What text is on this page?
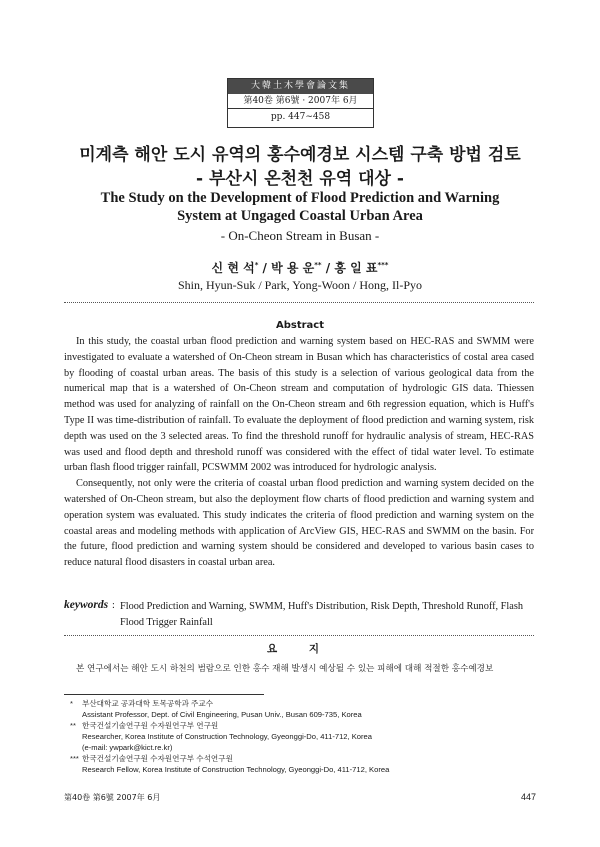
大韓土木學會論文集
第40卷 第6號 · 2007年 6月
pp. 447∼458
미계측 해안 도시 유역의 홍수예경보 시스템 구축 방법 검토
- 부산시 온천천 유역 대상 -
The Study on the Development of Flood Prediction and Warning
System at Ungaged Coastal Urban Area
- On-Cheon Stream in Busan -
신 현 석* / 박 용 운** / 홍 일 표***
Shin, Hyun-Suk / Park, Yong-Woon / Hong, Il-Pyo
Abstract

In this study, the coastal urban flood prediction and warning system based on HEC-RAS and SWMM were investigated to evaluate a watershed of On-Cheon stream in Busan which has characteristics of costal area cased by flooding of coastal urban areas. The basis of this study is a selection of various geological data from the numerical map that is a watershed of On-Cheon stream and computation of hydrologic GIS data. Thiessen method was used for analyzing of rainfall on the On-Cheon stream and 6th regression equation, which is Huff's Type II was time-distribution of rainfall. To evaluate the deployment of flood prediction and warning system, risk depth was used on the 3 selected areas. To find the threshold runoff for hydraulic analysis of stream, HEC-RAS was used and flood depth and threshold runoff was considered with the effect of tidal water level. To estimate urban flash flood trigger rainfall, PCSWMM 2002 was introduced for hydrologic analysis.

Consequently, not only were the criteria of coastal urban flood prediction and warning system decided on the watershed of On-Cheon stream, but also the deployment flow charts of flood prediction and warning system and operation system was evaluated. This study indicates the criteria of flood prediction and warning system on the coastal areas and modeling methods with application of ArcView GIS, HEC-RAS and SWMM on the basin. For the future, flood prediction and warning system should be considered and developed to various basin cases to reduce natural flood disasters in coastal urban area.

keywords : Flood Prediction and Warning, SWMM, Huff's Distribution, Risk Depth, Threshold Runoff, Flash Flood Trigger Rainfall
요 지
본 연구에서는 해안 도시 하천의 범람으로 인한 홍수 재해 발생시 예상될 수 있는 피해에 대해 적절한 홍수예경보
* 부산대학교 공과대학 토목공학과 주교수
Assistant Professor, Dept. of Civil Engineering, Pusan Univ., Busan 609-735, Korea
** 한국건설기술연구원 수자원연구부 연구원
Researcher, Korea Institute of Construction Technology, Gyeonggi-Do, 411-712, Korea
(e-mail: ywpark@kict.re.kr)
*** 한국건설기술연구원 수자원연구부 수석연구원
Research Fellow, Korea Institute of Construction Technology, Gyeonggi-Do, 411-712, Korea
第40卷 第6號 2007年 6月	447
